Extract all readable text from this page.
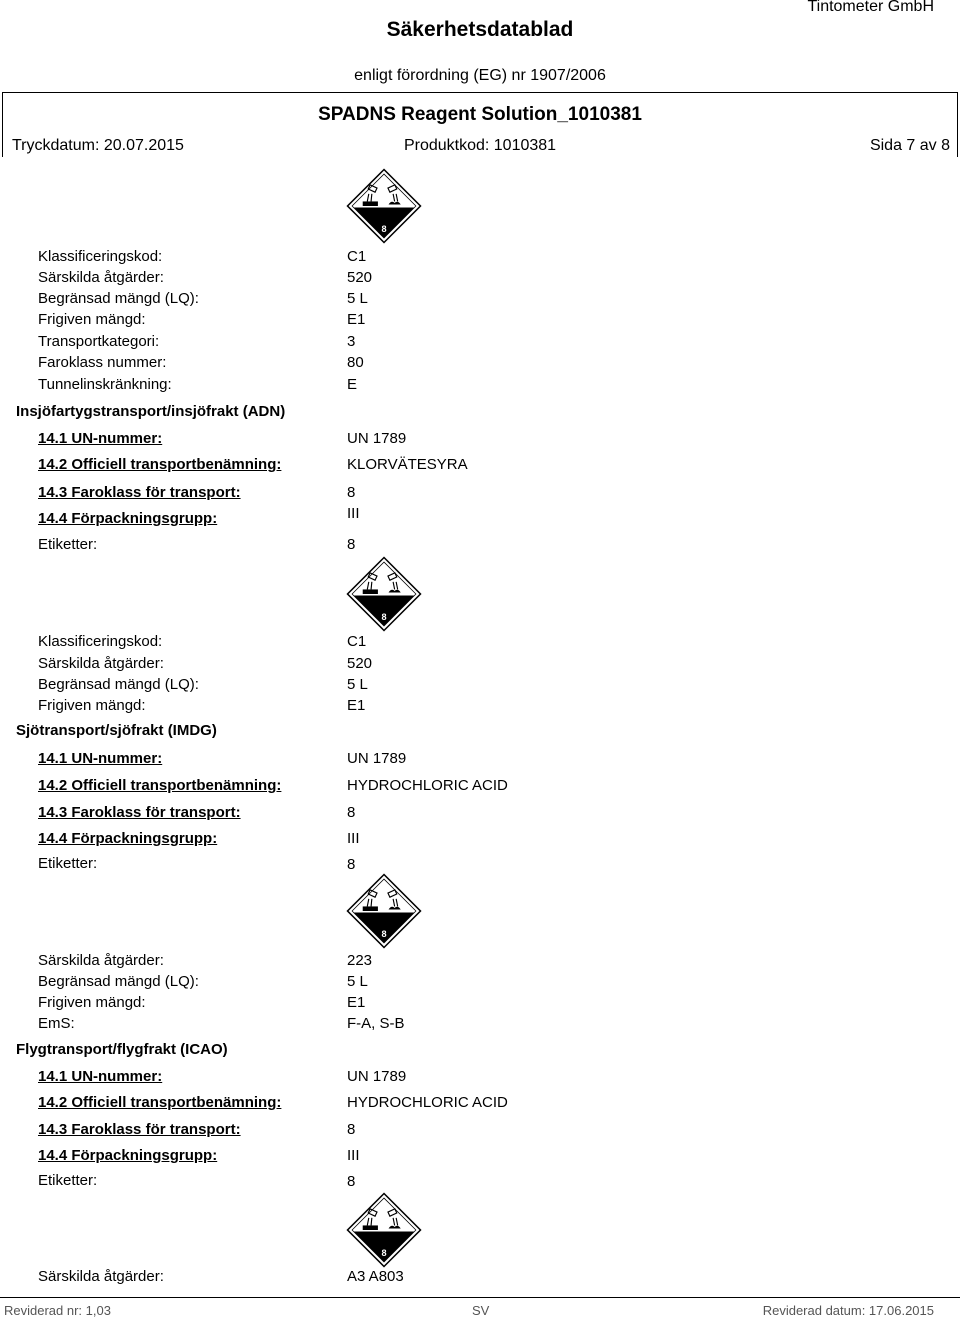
Tintometer GmbH
Säkerhetsdatablad
enligt förordning (EG) nr 1907/2006
SPADNS Reagent Solution_1010381
Tryckdatum: 20.07.2015	Produktkod: 1010381	Sida 7 av 8
8
Klassificeringskod:	C1
Särskilda åtgärder:	520
Begränsad mängd (LQ):	5 L
Frigiven mängd:	E1
Transportkategori:	3
Faroklass nummer:	80
Tunnelinskränkning:	E
Insjöfartygstransport/insjöfrakt (ADN)
14.1 UN-nummer:	UN 1789
14.2 Officiell transportbenämning:	KLORVÄTESYRA
14.3 Faroklass för transport:	8
14.4 Förpackningsgrupp:	III
Etiketter:	8
8
Klassificeringskod:	C1
Särskilda åtgärder:	520
Begränsad mängd (LQ):	5 L
Frigiven mängd:	E1
Sjötransport/sjöfrakt (IMDG)
14.1 UN-nummer:	UN 1789
14.2 Officiell transportbenämning:	HYDROCHLORIC ACID
14.3 Faroklass för transport:	8
14.4 Förpackningsgrupp:	III
Etiketter:	8
8
Särskilda åtgärder:	223
Begränsad mängd (LQ):	5 L
Frigiven mängd:	E1
EmS:	F-A, S-B
Flygtransport/flygfrakt (ICAO)
14.1 UN-nummer:	UN 1789
14.2 Officiell transportbenämning:	HYDROCHLORIC ACID
14.3 Faroklass för transport:	8
14.4 Förpackningsgrupp:	III
Etiketter:	8
8
Särskilda åtgärder:	A3 A803
Reviderad nr: 1,03	SV	Reviderad datum: 17.06.2015
